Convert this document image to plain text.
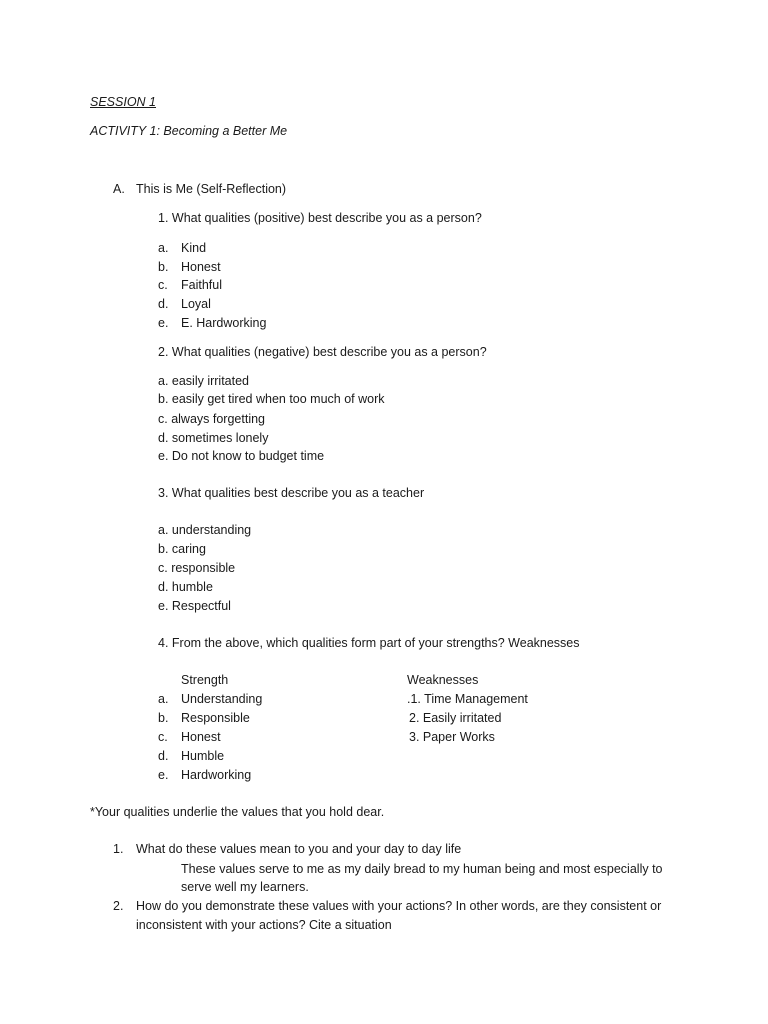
SESSION 1
ACTIVITY 1: Becoming a Better Me
A. This is Me (Self-Reflection)
1. What qualities (positive) best describe you as a person?
a. Kind
b. Honest
c. Faithful
d. Loyal
e. E. Hardworking
2. What qualities (negative) best describe you as a person?
a. easily irritated
b. easily get tired when too much of work
c. always forgetting
d. sometimes lonely
e. Do not know to budget time
3. What qualities best describe you as a teacher
a. understanding
b. caring
c. responsible
d. humble
e. Respectful
4. From the above, which qualities form part of your strengths? Weaknesses
Strength	Weaknesses
a. Understanding
b. Responsible
c. Honest
d. Humble
e. Hardworking
.1. Time Management
2. Easily irritated
3. Paper Works
*Your qualities underlie the values that you hold dear.
1. What do these values mean to you and your day to day life
These values serve to me as my daily bread to my human being and most especially to
serve well my learners.
2. How do you demonstrate these values with your actions? In other words, are they consistent or
inconsistent with your actions? Cite a situation
